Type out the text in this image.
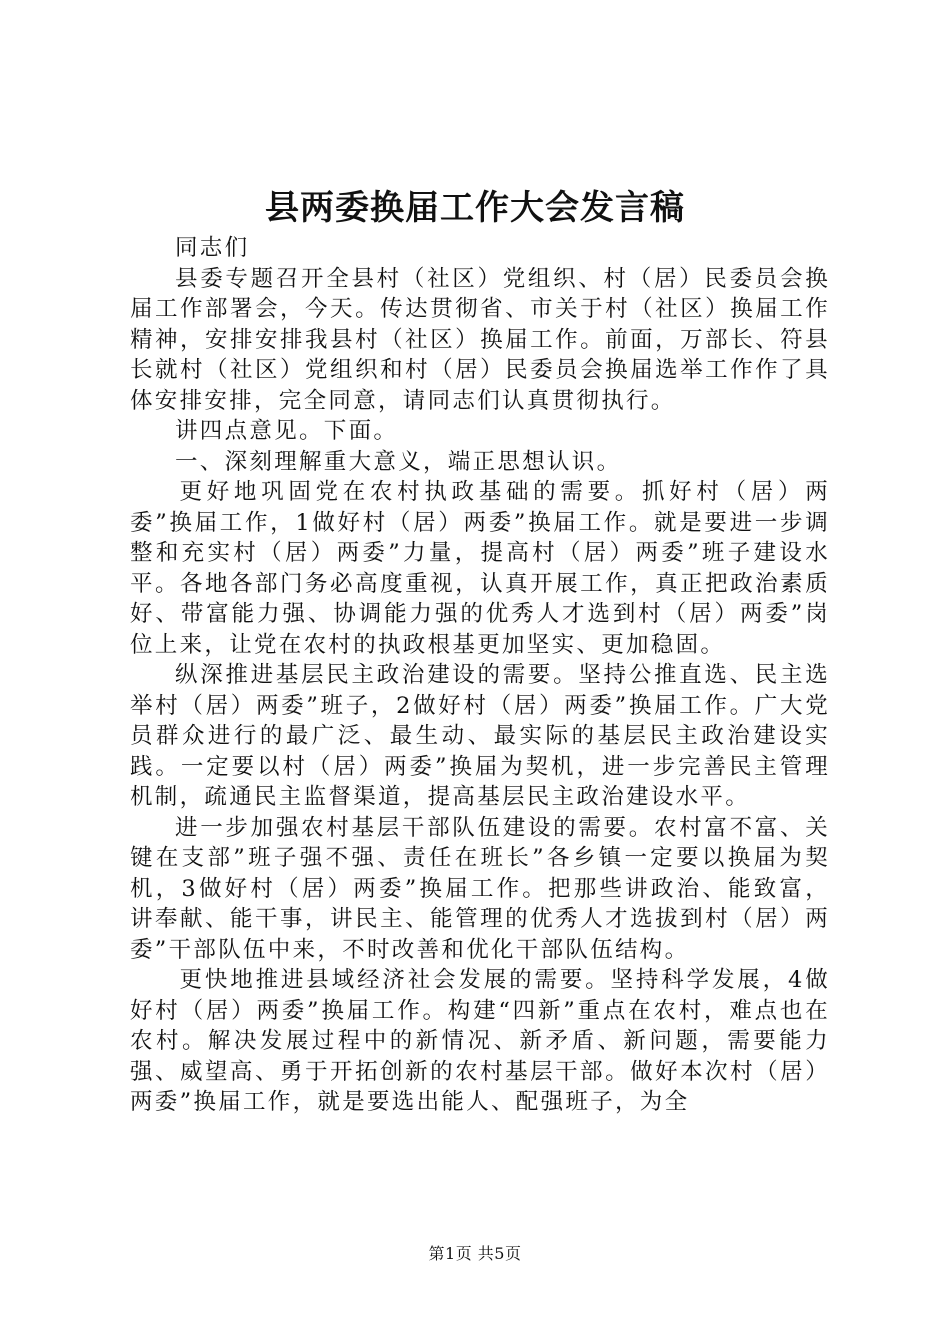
县两委换届工作大会发言稿

同志们

县委专题召开全县村（社区）党组织、村（居）民委员会换届工作部署会，今天。传达贯彻省、市关于村（社区）换届工作精神，安排安排我县村（社区）换届工作。前面，万部长、符县长就村（社区）党组织和村（居）民委员会换届选举工作作了具体安排安排，完全同意，请同志们认真贯彻执行。

讲四点意见。下面。

一、深刻理解重大意义，端正思想认识。

更好地巩固党在农村执政基础的需要。抓好村（居）两委”换届工作，1做好村（居）两委”换届工作。就是要进一步调整和充实村（居）两委”力量，提高村（居）两委”班子建设水平。各地各部门务必高度重视，认真开展工作，真正把政治素质好、带富能力强、协调能力强的优秀人才选到村（居）两委”岗位上来，让党在农村的执政根基更加坚实、更加稳固。

纵深推进基层民主政治建设的需要。坚持公推直选、民主选举村（居）两委”班子，2做好村（居）两委”换届工作。广大党员群众进行的最广泛、最生动、最实际的基层民主政治建设实践。一定要以村（居）两委”换届为契机，进一步完善民主管理机制，疏通民主监督渠道，提高基层民主政治建设水平。

进一步加强农村基层干部队伍建设的需要。农村富不富、关键在支部”班子强不强、责任在班长”各乡镇一定要以换届为契机，3做好村（居）两委”换届工作。把那些讲政治、能致富，讲奉献、能干事，讲民主、能管理的优秀人才选拔到村（居）两委”干部队伍中来，不时改善和优化干部队伍结构。

更快地推进县域经济社会发展的需要。坚持科学发展，4做好村（居）两委”换届工作。构建“四新”重点在农村，难点也在农村。解决发展过程中的新情况、新矛盾、新问题，需要能力强、威望高、勇于开拓创新的农村基层干部。做好本次村（居）两委”换届工作，就是要选出能人、配强班子，为全

第1页 共5页
